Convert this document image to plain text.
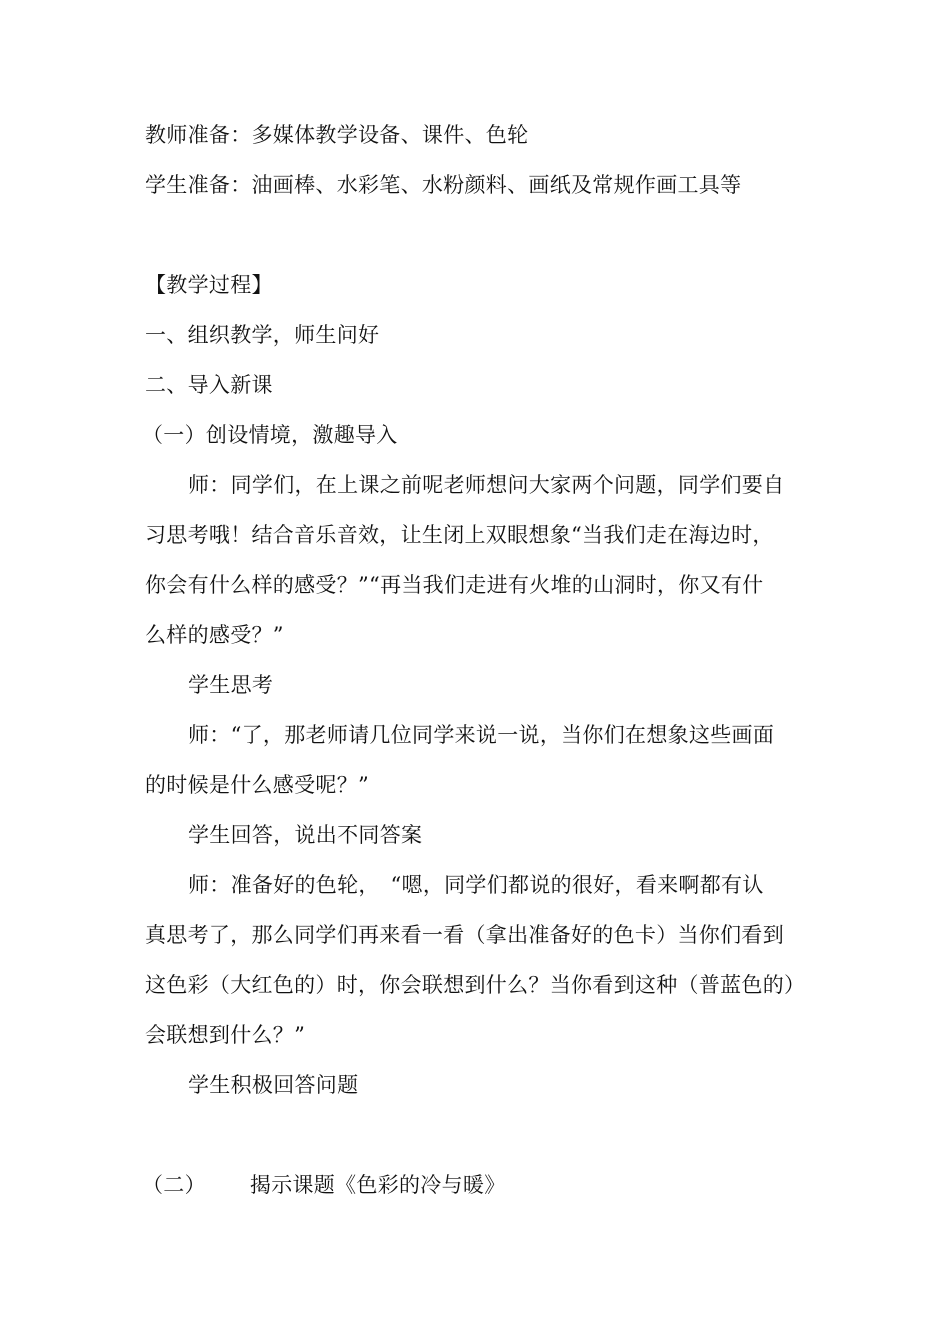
教师准备：多媒体教学设备、课件、色轮
学生准备：油画棒、水彩笔、水粉颜料、画纸及常规作画工具等
【教学过程】
一、组织教学，师生问好
二、导入新课
（一）创设情境，激趣导入
师：同学们，在上课之前呢老师想问大家两个问题，同学们要自
习思考哦！结合音乐音效，让生闭上双眼想象“当我们走在海边时，
你会有什么样的感受？”“再当我们走进有火堆的山洞时，你又有什
么样的感受？”
学生思考
师：“了，那老师请几位同学来说一说，当你们在想象这些画面
的时候是什么感受呢？”
学生回答，说出不同答案
师：准备好的色轮，　“嗯，同学们都说的很好，看来啊都有认
真思考了，那么同学们再来看一看（拿出准备好的色卡）当你们看到
这色彩（大红色的）时，你会联想到什么？当你看到这种（普蓝色的）
会联想到什么？”
学生积极回答问题
（二） 揭示课题《色彩的冷与暖》
